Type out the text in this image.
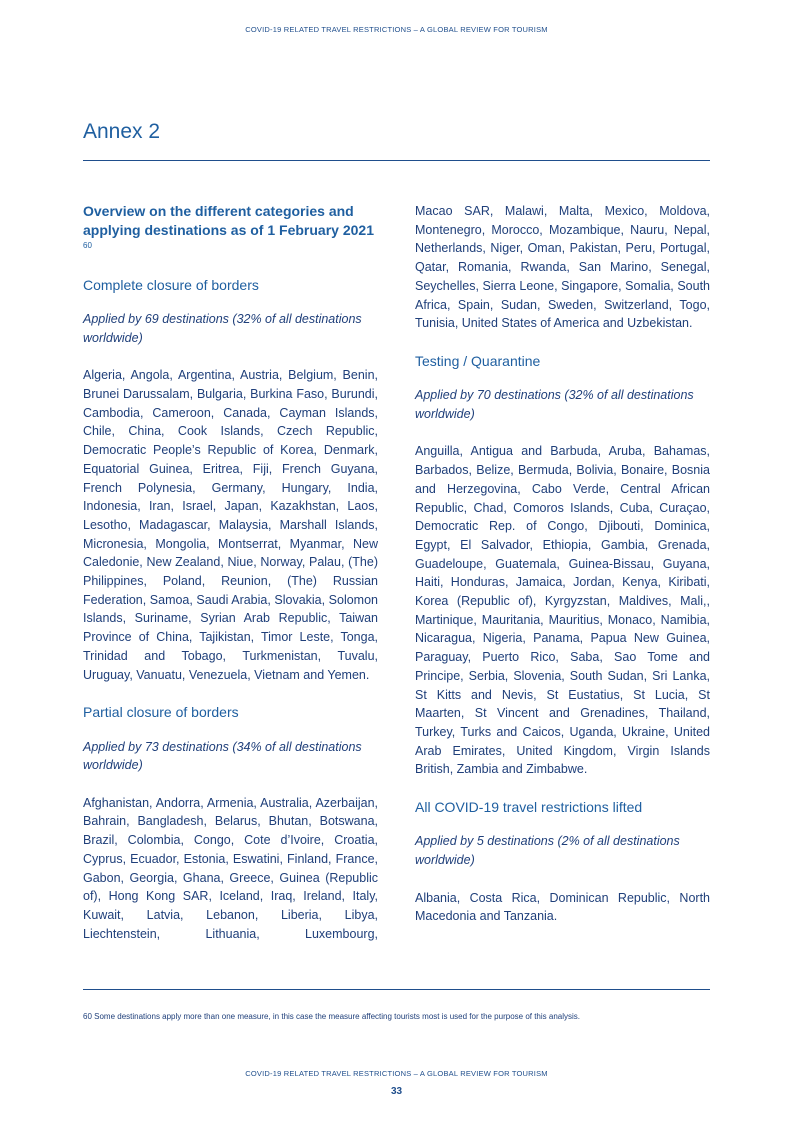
COVID-19 RELATED TRAVEL RESTRICTIONS – A GLOBAL REVIEW FOR TOURISM
Annex 2
Overview on the different categories and applying destinations as of 1 February 2021 $^{60}$
Complete closure of borders

Applied by 69 destinations (32% of all destinations worldwide)

Algeria, Angola, Argentina, Austria, Belgium, Benin, Brunei Darussalam, Bulgaria, Burkina Faso, Burundi, Cambodia, Cameroon, Canada, Cayman Islands, Chile, China, Cook Islands, Czech Republic, Democratic People’s Republic of Korea, Denmark, Equatorial Guinea, Eritrea, Fiji, French Guyana, French Polynesia, Germany, Hungary, India, Indonesia, Iran, Israel, Japan, Kazakhstan, Laos, Lesotho, Madagascar, Malaysia, Marshall Islands, Micronesia, Mongolia, Montserrat, Myanmar, New Caledonie, New Zealand, Niue, Norway, Palau, (The) Philippines, Poland, Reunion, (The) Russian Federation, Samoa, Saudi Arabia, Slovakia, Solomon Islands, Suriname, Syrian Arab Republic, Taiwan Province of China, Tajikistan, Timor Leste, Tonga, Trinidad and Tobago, Turkmenistan, Tuvalu, Uruguay, Vanuatu, Venezuela, Vietnam and Yemen.

Partial closure of borders

Applied by 73 destinations (34% of all destinations worldwide)

Afghanistan, Andorra, Armenia, Australia, Azerbaijan, Bahrain, Bangladesh, Belarus, Bhutan, Botswana, Brazil, Colombia, Congo, Cote d’Ivoire, Croatia, Cyprus, Ecuador, Estonia, Eswatini, Finland, France, Gabon, Georgia, Ghana, Greece, Guinea (Republic of), Hong Kong SAR, Iceland, Iraq, Ireland, Italy, Kuwait, Latvia, Lebanon, Liberia, Libya, Liechtenstein, Lithuania, Luxembourg,

Macao SAR, Malawi, Malta, Mexico, Moldova, Montenegro, Morocco, Mozambique, Nauru, Nepal, Netherlands, Niger, Oman, Pakistan, Peru, Portugal, Qatar, Romania, Rwanda, San Marino, Senegal, Seychelles, Sierra Leone, Singapore, Somalia, South Africa, Spain, Sudan, Sweden, Switzerland, Togo, Tunisia, United States of America and Uzbekistan.

Testing / Quarantine

Applied by 70 destinations (32% of all destinations worldwide)

Anguilla, Antigua and Barbuda, Aruba, Bahamas, Barbados, Belize, Bermuda, Bolivia, Bonaire, Bosnia and Herzegovina, Cabo Verde, Central African Republic, Chad, Comoros Islands, Cuba, Curaçao, Democratic Rep. of Congo, Djibouti, Dominica, Egypt, El Salvador, Ethiopia, Gambia, Grenada, Guadeloupe, Guatemala, Guinea-Bissau, Guyana, Haiti, Honduras, Jamaica, Jordan, Kenya, Kiribati, Korea (Republic of), Kyrgyzstan, Maldives, Mali,, Martinique, Mauritania, Mauritius, Monaco, Namibia, Nicaragua, Nigeria, Panama, Papua New Guinea, Paraguay, Puerto Rico, Saba, Sao Tome and Principe, Serbia, Slovenia, South Sudan, Sri Lanka, St Kitts and Nevis, St Eustatius, St Lucia, St Maarten, St Vincent and Grenadines, Thailand, Turkey, Turks and Caicos, Uganda, Ukraine, United Arab Emirates, United Kingdom, Virgin Islands British, Zambia and Zimbabwe.

All COVID-19 travel restrictions lifted

Applied by 5 destinations (2% of all destinations worldwide)

Albania, Costa Rica, Dominican Republic, North Macedonia and Tanzania.

60 Some destinations apply more than one measure, in this case the measure affecting tourists most is used for the purpose of this analysis.
COVID-19 RELATED TRAVEL RESTRICTIONS – A GLOBAL REVIEW FOR TOURISM
33
